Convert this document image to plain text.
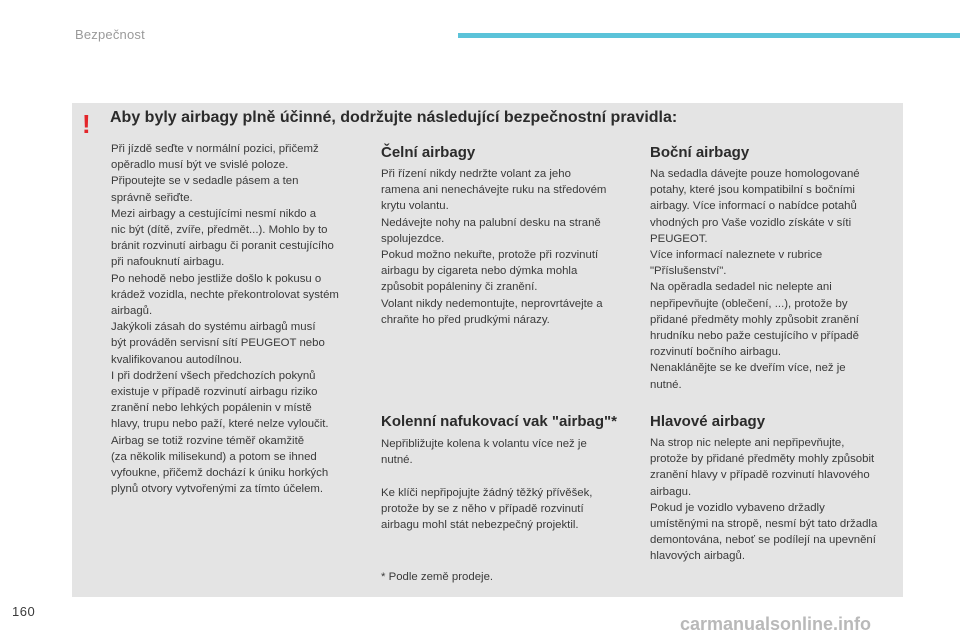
Bezpečnost
! Aby byly airbagy plně účinné, dodržujte následující bezpečnostní pravidla:

Při jízdě seďte v normální pozici, přičemž

opěradlo musí být ve svislé poloze.

Připoutejte se v sedadle pásem a ten

správně seřiďte.

Mezi airbagy a cestujícími nesmí nikdo a

nic být (dítě, zvíře, předmět...). Mohlo by to

bránit rozvinutí airbagu či poranit cestujícího

při nafouknutí airbagu.

Po nehodě nebo jestliže došlo k pokusu o

krádež vozidla, nechte překontrolovat systém

airbagů.

Jakýkoli zásah do systému airbagů musí

být prováděn servisní sítí PEUGEOT nebo

kvalifikovanou autodílnou.

I při dodržení všech předchozích pokynů

existuje v případě rozvinutí airbagu riziko

zranění nebo lehkých popálenin v místě

hlavy, trupu nebo paží, které nelze vyloučit.

Airbag se totiž rozvine téměř okamžitě

(za několik milisekund) a potom se ihned

vyfoukne, přičemž dochází k úniku horkých

plynů otvory vytvořenými za tímto účelem.

Čelní airbagy

Při řízení nikdy nedržte volant za jeho

ramena ani nenechávejte ruku na středovém

krytu volantu.

Nedávejte nohy na palubní desku na straně

spolujezdce.

Pokud možno nekuřte, protože při rozvinutí

airbagu by cigareta nebo dýmka mohla

způsobit popáleniny či zranění.

Volant nikdy nedemontujte, neprovrtávejte a

chraňte ho před prudkými nárazy.

Kolenní nafukovací vak "airbag"*

Nepřibližujte kolena k volantu více než je

nutné.

Ke klíči nepřipojujte žádný těžký přívěšek,

protože by se z něho v případě rozvinutí

airbagu mohl stát nebezpečný projektil.

* Podle země prodeje.
Boční airbagy

Na sedadla dávejte pouze homologované

potahy, které jsou kompatibilní s bočními

airbagy. Více informací o nabídce potahů

vhodných pro Vaše vozidlo získáte v síti

PEUGEOT.

Více informací naleznete v rubrice

"Příslušenství".

Na opěradla sedadel nic nelepte ani

nepřipevňujte (oblečení, ...), protože by

přidané předměty mohly způsobit zranění

hrudníku nebo paže cestujícího v případě

rozvinutí bočního airbagu.

Nenaklánějte se ke dveřím více, než je

nutné.

Hlavové airbagy

Na strop nic nelepte ani nepřipevňujte,

protože by přidané předměty mohly způsobit

zranění hlavy v případě rozvinutí hlavového

airbagu.

Pokud je vozidlo vybaveno držadly

umístěnými na stropě, nesmí být tato držadla

demontována, neboť se podílejí na upevnění

hlavových airbagů.

160
carmanualsonline.info
